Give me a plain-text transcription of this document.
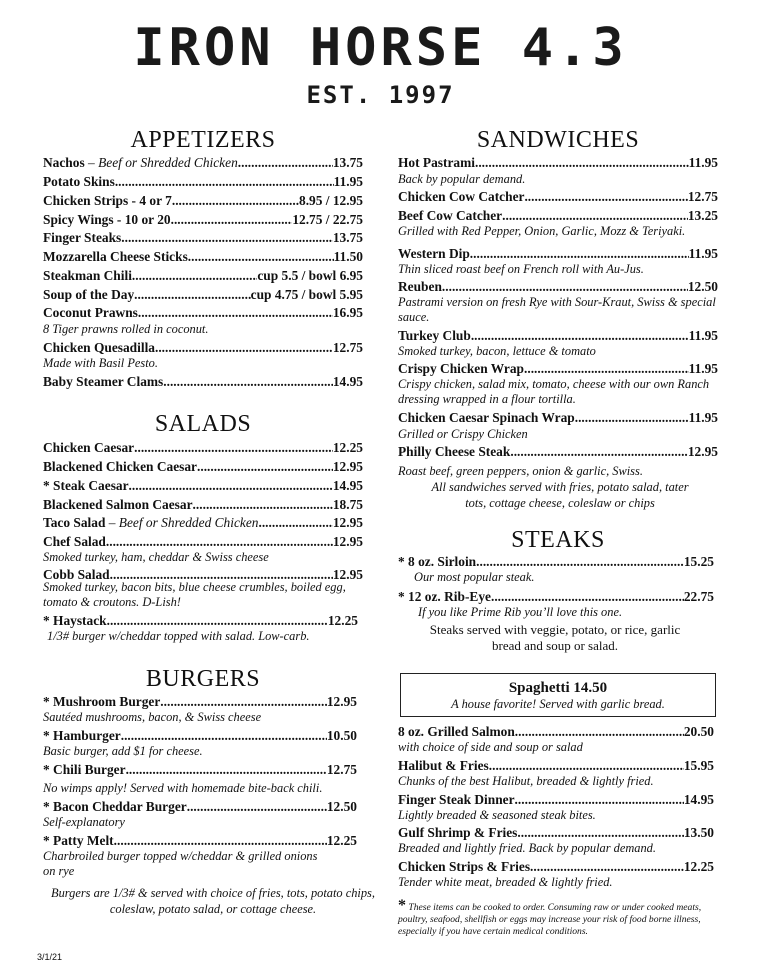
IRON HORSE 4.3
EST. 1997
APPETIZERS
Nachos – Beef or Shredded Chicken .....	13.75
Potato Skins .....	11.95
Chicken Strips - 4 or 7 .....	8.95 / 12.95
Spicy Wings - 10 or 20 .....	12.75 / 22.75
Finger Steaks .....	13.75
Mozzarella Cheese Sticks .....	11.50
Steakman Chili .....	cup 5.5 / bowl 6.95
Soup of the Day .....	cup 4.75 / bowl 5.95
Coconut Prawns .....	16.95
8 Tiger prawns rolled in coconut.
Chicken Quesadilla .....	12.75
Made with Basil Pesto.
Baby Steamer Clams .....	14.95
SALADS
Chicken Caesar .....	12.25
Blackened Chicken Caesar .....	12.95
* Steak Caesar .....	14.95
Blackened Salmon Caesar .....	18.75
Taco Salad – Beef or Shredded Chicken .....	12.95
Chef Salad .....	12.95
Smoked turkey, ham, cheddar & Swiss cheese
Cobb Salad .....	12.95
Smoked turkey, bacon bits, blue cheese crumbles, boiled egg, tomato & croutons. D-Lish!
* Haystack .....	12.25
1/3# burger w/cheddar topped with salad. Low-carb.
BURGERS
* Mushroom Burger .....	12.95
Sautéed mushrooms, bacon, & Swiss cheese
* Hamburger .....	10.50
Basic burger, add $1 for cheese.
* Chili Burger .....	12.75
No wimps apply! Served with homemade bite-back chili.
* Bacon Cheddar Burger .....	12.50
Self-explanatory
* Patty Melt .....	12.25
Charbroiled burger topped w/cheddar & grilled onions on rye
Burgers are 1/3# & served with choice of fries, tots, potato chips, coleslaw, potato salad, or cottage cheese.
SANDWICHES
Hot Pastrami .....	11.95
Back by popular demand.
Chicken Cow Catcher .....	12.75
Beef Cow Catcher .....	13.25
Grilled with Red Pepper, Onion, Garlic, Mozz & Teriyaki.
Western Dip .....	11.95
Thin sliced roast beef on French roll with Au-Jus.
Reuben .....	12.50
Pastrami version on fresh Rye with Sour-Kraut, Swiss & special sauce.
Turkey Club .....	11.95
Smoked turkey, bacon, lettuce & tomato
Crispy Chicken Wrap .....	11.95
Crispy chicken, salad mix, tomato, cheese with our own Ranch dressing wrapped in a flour tortilla.
Chicken Caesar Spinach Wrap .....	11.95
Grilled or Crispy Chicken
Philly Cheese Steak .....	12.95
Roast beef, green peppers, onion & garlic, Swiss.
All sandwiches served with fries, potato salad, tater tots, cottage cheese, coleslaw or chips
STEAKS
* 8 oz. Sirloin .....	15.25
Our most popular steak.
* 12 oz. Rib-Eye .....	22.75
If you like Prime Rib you’ll love this one.
Steaks served with veggie, potato, or rice, garlic bread and soup or salad.
Spaghetti 14.50
A house favorite! Served with garlic bread.
8 oz. Grilled Salmon .....	20.50
with choice of side and soup or salad
Halibut & Fries .....	15.95
Chunks of the best Halibut, breaded & lightly fried.
Finger Steak Dinner .....	14.95
Lightly breaded & seasoned steak bites.
Gulf Shrimp & Fries .....	13.50
Breaded and lightly fried. Back by popular demand.
Chicken Strips & Fries .....	12.25
Tender white meat, breaded & lightly fried.
* These items can be cooked to order. Consuming raw or under cooked meats, poultry, seafood, shellfish or eggs may increase your risk of food borne illness, especially if you have certain medical conditions.
3/1/21
